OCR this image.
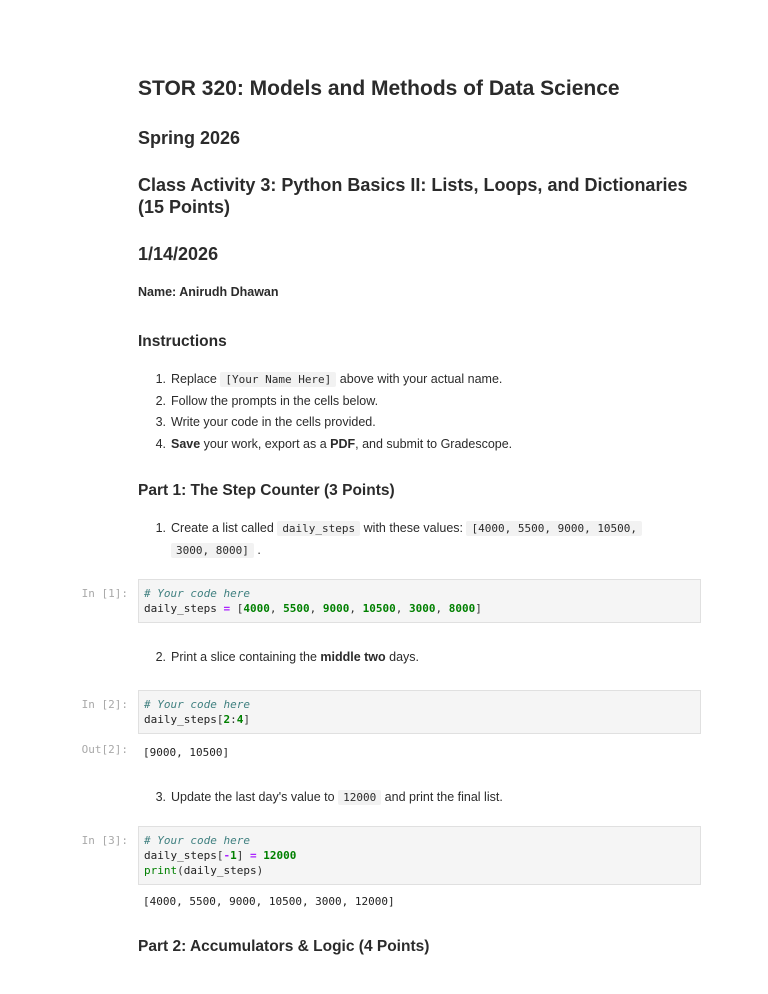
STOR 320: Models and Methods of Data Science
Spring 2026
Class Activity 3: Python Basics II: Lists, Loops, and Dictionaries (15 Points)
1/14/2026

Name: Anirudh Dhawan

Instructions
1. Replace [Your Name Here] above with your actual name.
2. Follow the prompts in the cells below.
3. Write your code in the cells provided.
4. Save your work, export as a PDF, and submit to Gradescope.
Part 1: The Step Counter (3 Points)
1. Create a list called daily_steps with these values: [4000, 5500, 9000, 10500,
3000, 8000] .
In [1]:	# Your code here
daily_steps = [4000, 5500, 9000, 10500, 3000, 8000]
2. Print a slice containing the middle two days.
In [2]:	# Your code here
daily_steps[2:4]
Out[2]:	[9000, 10500]
3. Update the last day's value to 12000 and print the final list.
In [3]:	# Your code here
daily_steps[-1] = 12000
print(daily_steps)
[4000, 5500, 9000, 10500, 3000, 12000]
Part 2: Accumulators & Logic (4 Points)
